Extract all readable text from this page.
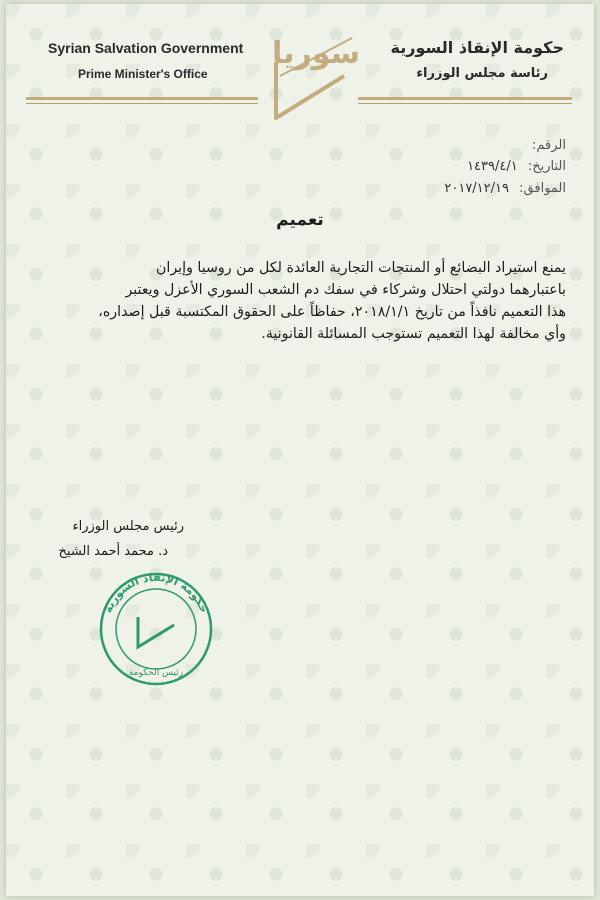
Syrian Salvation Government
Prime Minister's Office
حكومة الإنقاذ السورية
رئاسة مجلس الوزراء
سوريا
الرقم:
التاريخ: ١٤٣٩/٤/١
الموافق: ٢٠١٧/١٢/١٩
تعميم
يمنع استيراد البضائع أو المنتجات التجارية العائدة لكل من روسيا وإيران
باعتبارهما دولتي احتلال وشركاء في سفك دم الشعب السوري الأعزل ويعتبر
هذا التعميم نافذاً من تاريخ ٢٠١٨/١/١، حفاظاً على الحقوق المكتسبة قبل إصداره،
وأي مخالفة لهذا التعميم تستوجب المسائلة القانونية.
رئيس مجلس الوزراء
د. محمد أحمد الشيخ
حكومة الإنقاذ السورية
رئيس الحكومة
